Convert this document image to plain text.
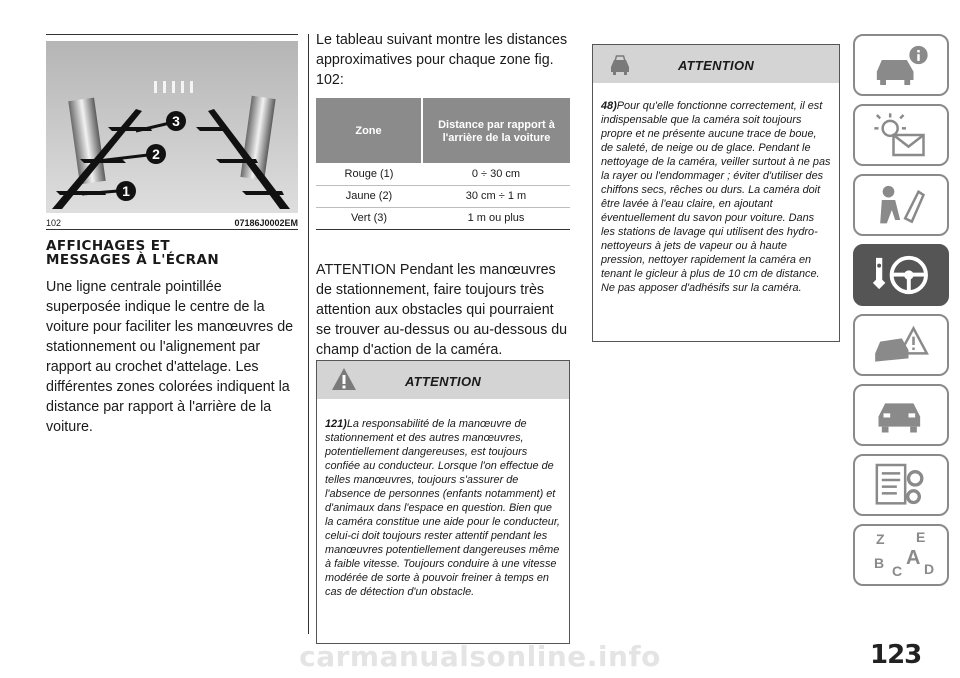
1
2
3
102	07186J0002EM
AFFICHAGES ET
MESSAGES À L'ÉCRAN

Une ligne centrale pointillée superposée indique le centre de la voiture pour faciliter les manœuvres de stationnement ou l'alignement par rapport au crochet d'attelage. Les différentes zones colorées indiquent la distance par rapport à l'arrière de la voiture.

Le tableau suivant montre les distances approximatives pour chaque zone fig. 102:

Zone	Distance par rapport à l'arrière de la voiture
Rouge (1)	0 ÷ 30 cm
Jaune (2)	30 cm ÷ 1 m
Vert (3)	1 m ou plus

ATTENTION Pendant les manœuvres de stationnement, faire toujours très attention aux obstacles qui pourraient se trouver au-dessus ou au-dessous du champ d'action de la caméra.

ATTENTION
121)La responsabilité de la manœuvre de stationnement et des autres manœuvres, potentiellement dangereuses, est toujours confiée au conducteur. Lorsque l'on effectue de telles manœuvres, toujours s'assurer de l'absence de personnes (enfants notamment) et d'animaux dans l'espace en question. Bien que la caméra constitue une aide pour le conducteur, celui-ci doit toujours rester attentif pendant les manœuvres potentiellement dangereuses même à faible vitesse. Toujours conduire à une vitesse modérée de sorte à pouvoir freiner à temps en cas de détection d'un obstacle.
ATTENTION
48)Pour qu'elle fonctionne correctement, il est indispensable que la caméra soit toujours propre et ne présente aucune trace de boue, de saleté, de neige ou de glace. Pendant le nettoyage de la caméra, veiller surtout à ne pas la rayer ou l'endommager ; éviter d'utiliser des chiffons secs, rêches ou durs. La caméra doit être lavée à l'eau claire, en ajoutant éventuellement du savon pour voiture. Dans les stations de lavage qui utilisent des hydro-nettoyeurs à jets de vapeur ou à haute pression, nettoyer rapidement la caméra en tenant le gicleur à plus de 10 cm de distance. Ne pas apposer d'adhésifs sur la caméra.
123
carmanualsonline.info
Z E
A
B C D
